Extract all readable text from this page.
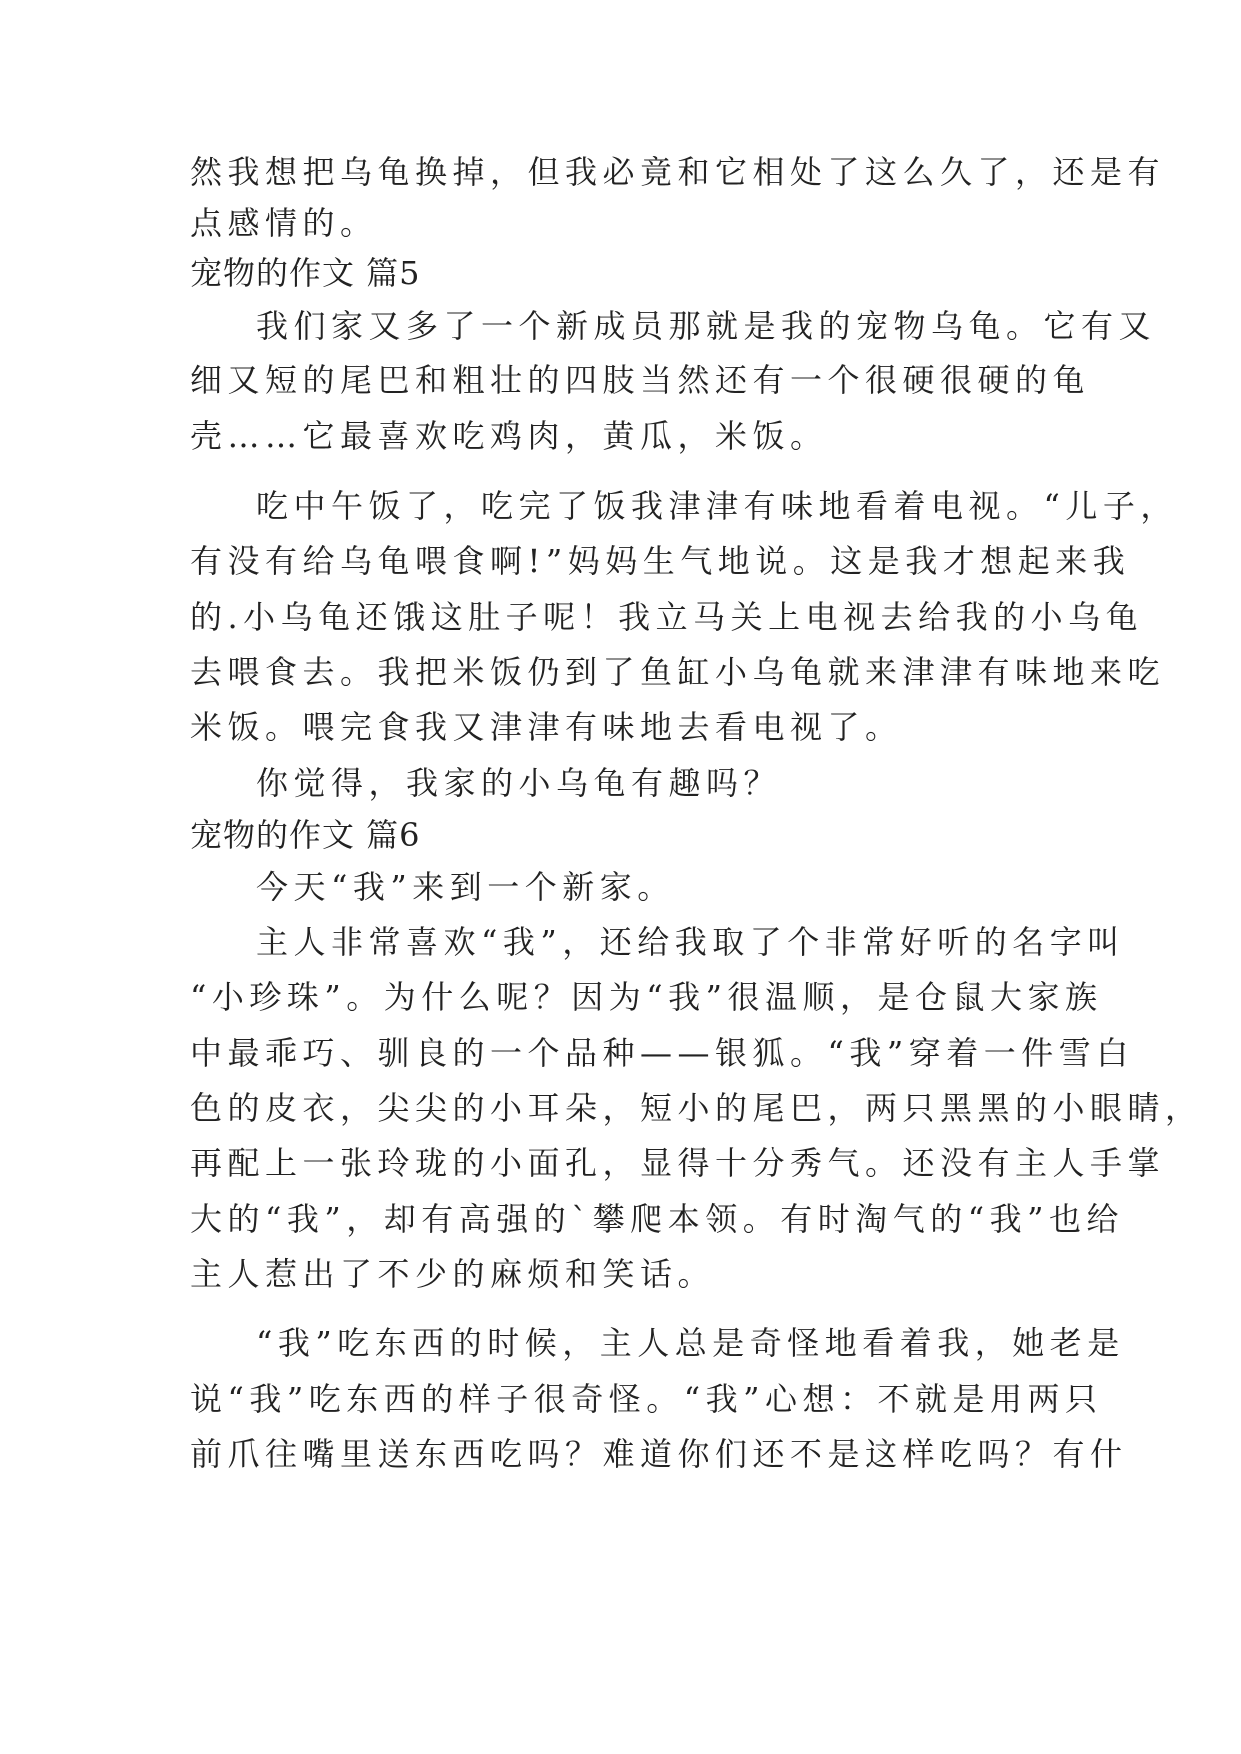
然我想把乌龟换掉，但我必竟和它相处了这么久了，还是有
点感情的。
宠物的作文 篇5
我们家又多了一个新成员那就是我的宠物乌龟。它有又
细又短的尾巴和粗壮的四肢当然还有一个很硬很硬的龟
壳……它最喜欢吃鸡肉，黄瓜，米饭。
吃中午饭了，吃完了饭我津津有味地看着电视。“儿子，
有没有给乌龟喂食啊!”妈妈生气地说。这是我才想起来我
的.小乌龟还饿这肚子呢！我立马关上电视去给我的小乌龟
去喂食去。我把米饭仍到了鱼缸小乌龟就来津津有味地来吃
米饭。喂完食我又津津有味地去看电视了。
你觉得，我家的小乌龟有趣吗？
宠物的作文 篇6
今天“我”来到一个新家。
主人非常喜欢“我”，还给我取了个非常好听的名字叫
“小珍珠”。为什么呢？因为“我”很温顺，是仓鼠大家族
中最乖巧、驯良的一个品种——银狐。“我”穿着一件雪白
色的皮衣，尖尖的小耳朵，短小的尾巴，两只黑黑的小眼睛，
再配上一张玲珑的小面孔，显得十分秀气。还没有主人手掌
大的“我”，却有高强的`攀爬本领。有时淘气的“我”也给
主人惹出了不少的麻烦和笑话。
“我”吃东西的时候，主人总是奇怪地看着我，她老是
说“我”吃东西的样子很奇怪。“我”心想：不就是用两只
前爪往嘴里送东西吃吗？难道你们还不是这样吃吗？有什
